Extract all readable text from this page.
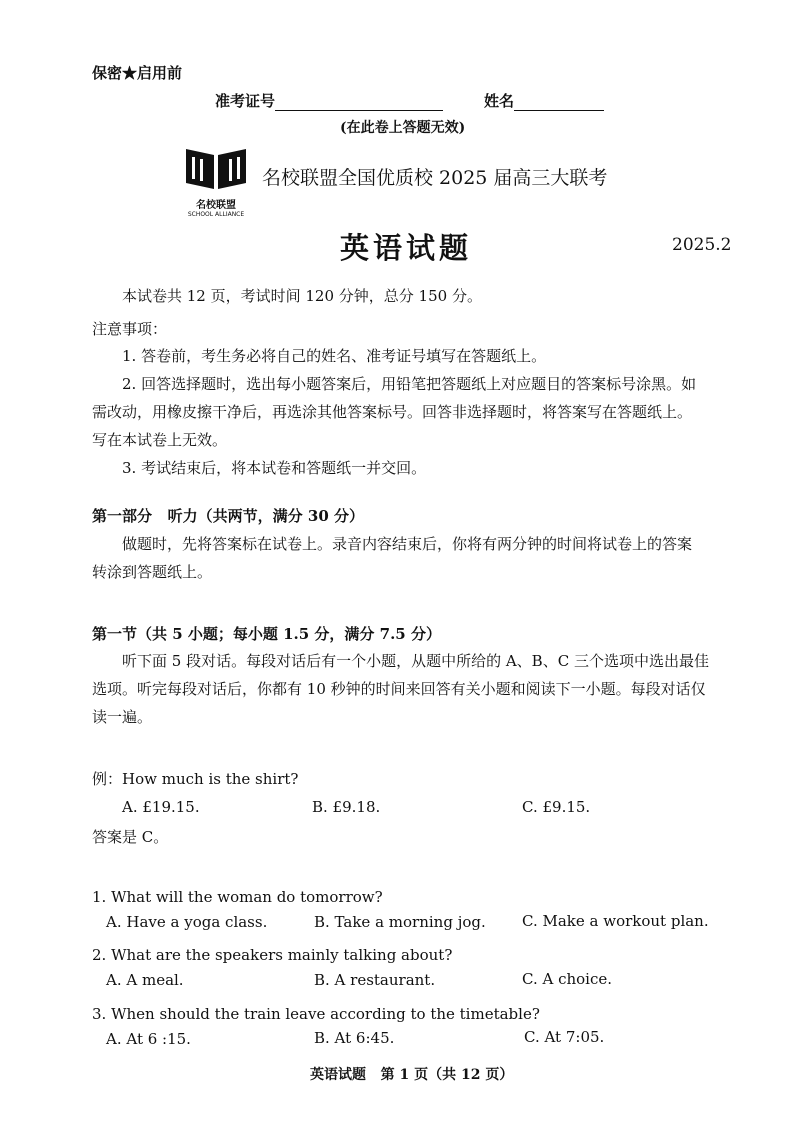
保密★启用前
准考证号	姓名
(在此卷上答题无效)
名校联盟
SCHOOL ALLIANCE
名校联盟全国优质校 2025 届高三大联考
英语试题	2025.2
本试卷共 12 页，考试时间 120 分钟，总分 150 分。
注意事项：
1. 答卷前，考生务必将自己的姓名、准考证号填写在答题纸上。
2. 回答选择题时，选出每小题答案后，用铅笔把答题纸上对应题目的答案标号涂黑。如
需改动，用橡皮擦干净后，再选涂其他答案标号。回答非选择题时，将答案写在答题纸上。
写在本试卷上无效。
3. 考试结束后，将本试卷和答题纸一并交回。
第一部分   听力（共两节，满分 30 分）
做题时，先将答案标在试卷上。录音内容结束后，你将有两分钟的时间将试卷上的答案
转涂到答题纸上。
第一节（共 5 小题；每小题 1.5 分，满分 7.5 分）
听下面 5 段对话。每段对话后有一个小题，从题中所给的 A、B、C 三个选项中选出最佳
选项。听完每段对话后，你都有 10 秒钟的时间来回答有关小题和阅读下一小题。每段对话仅
读一遍。
例：How much is the shirt?
A. £19.15.	B. £9.18.	C. £9.15.
答案是 C。
1. What will the woman do tomorrow?
A. Have a yoga class.	B. Take a morning jog. C. Make a workout plan.
2. What are the speakers mainly talking about?
A. A meal.	B. A restaurant.	C. A choice.
3. When should the train leave according to the timetable?
A. At 6 :15.	B. At 6:45.	C. At 7:05.
英语试题   第 1 页（共 12 页）
